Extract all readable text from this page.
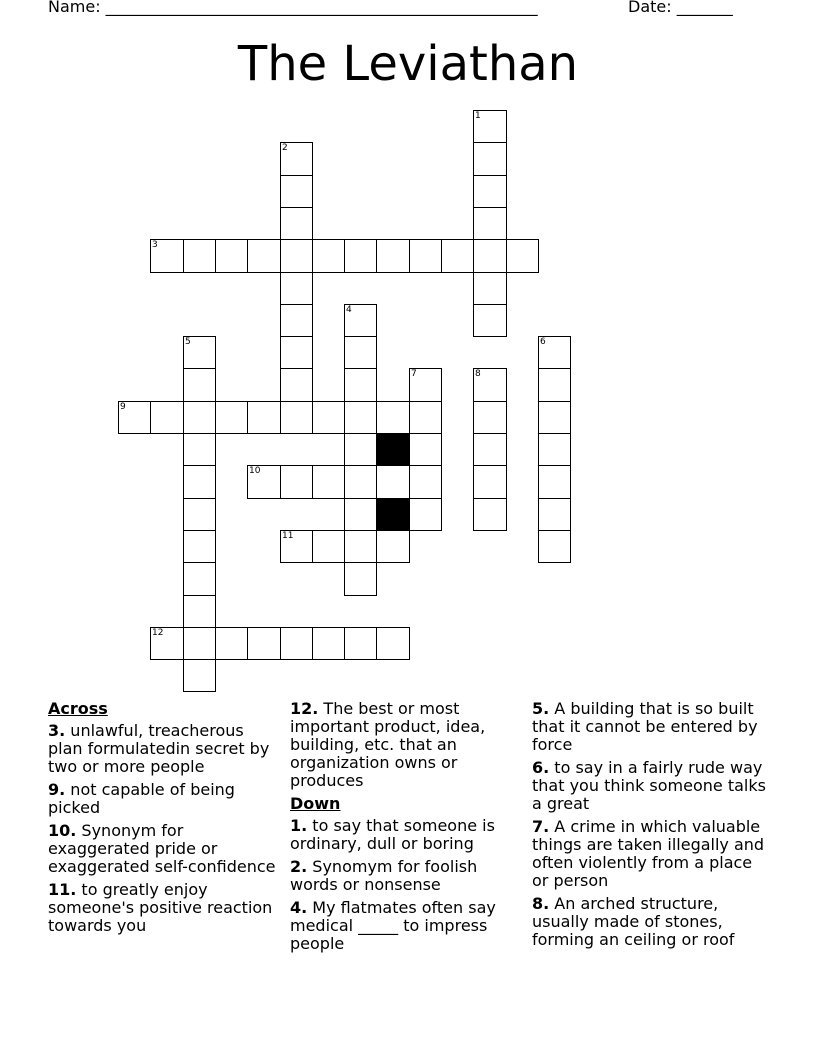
Name: ______________________________________________________	Date: _______
The Leviathan
1
2
3
4
5	6
7	8
9
10
11
12
Across
3. unlawful, treacherous plan formulatedin secret by two or more people
9. not capable of being picked
10. Synonym for exaggerated pride or exaggerated self-confidence
11. to greatly enjoy someone's positive reaction towards you
12. The best or most important product, idea, building, etc. that an organization owns or produces
Down
1. to say that someone is ordinary, dull or boring
2. Synomym for foolish words or nonsense
4. My flatmates often say medical _____ to impress people
5. A building that is so built that it cannot be entered by force
6. to say in a fairly rude way that you think someone talks a great
7. A crime in which valuable things are taken illegally and often violently from a place or person
8. An arched structure, usually made of stones, forming an ceiling or roof
